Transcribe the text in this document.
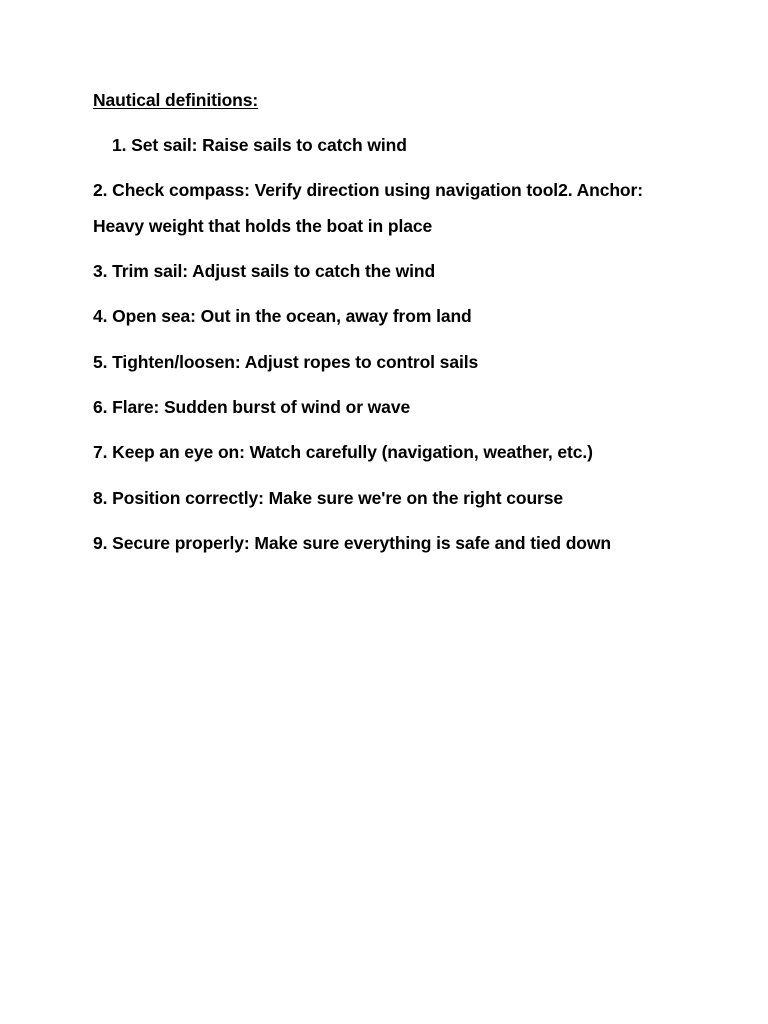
Nautical definitions:
1. Set sail: Raise sails to catch wind
2. Check compass: Verify direction using navigation tool2. Anchor:
Heavy weight that holds the boat in place
3. Trim sail: Adjust sails to catch the wind
4. Open sea: Out in the ocean, away from land
5. Tighten/loosen: Adjust ropes to control sails
6. Flare: Sudden burst of wind or wave
7. Keep an eye on: Watch carefully (navigation, weather, etc.)
8. Position correctly: Make sure we're on the right course
9. Secure properly: Make sure everything is safe and tied down
